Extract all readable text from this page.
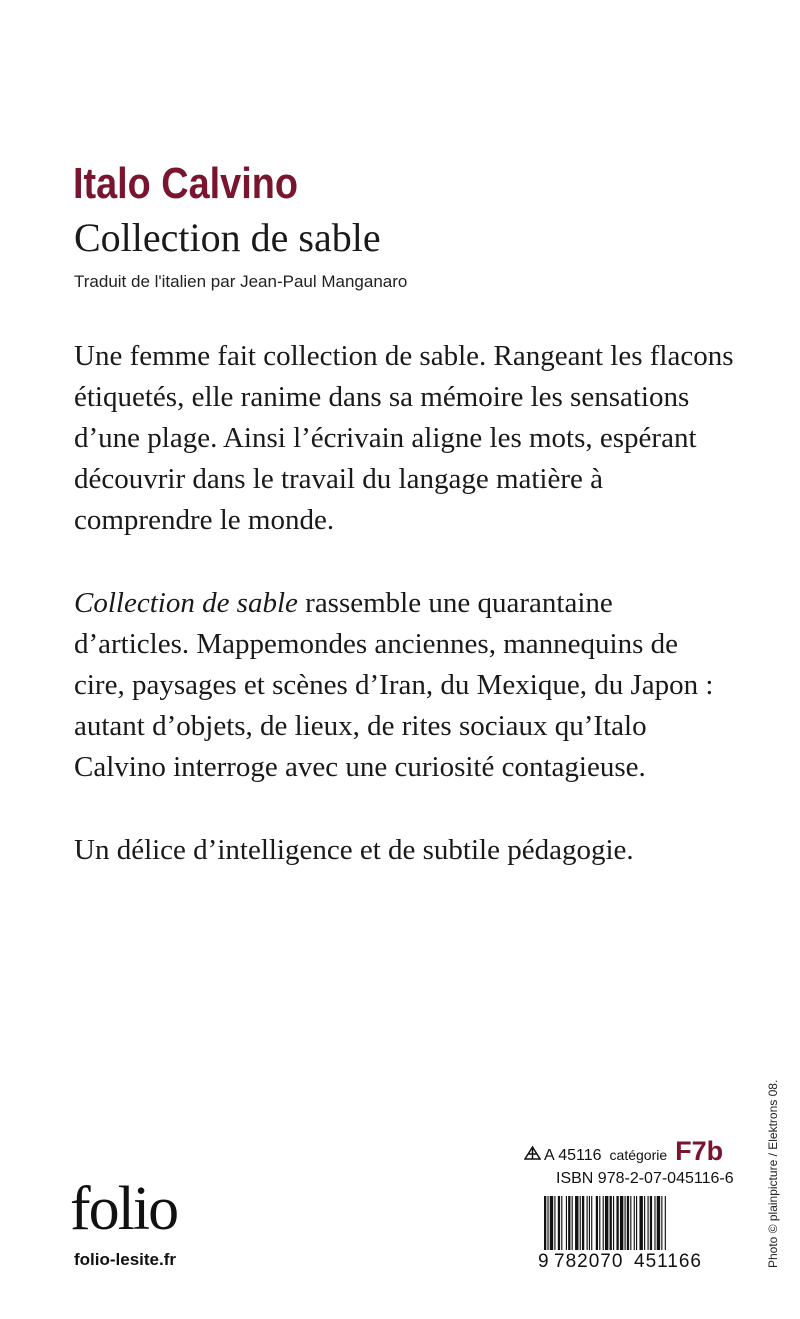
Italo Calvino
Collection de sable
Traduit de l'italien par Jean-Paul Manganaro

Une femme fait collection de sable. Rangeant les flacons étiquetés, elle ranime dans sa mémoire les sensations d’une plage. Ainsi l’écrivain aligne les mots, espérant découvrir dans le travail du langage matière à comprendre le monde.

Collection de sable rassemble une quarantaine d’articles. Mappemondes anciennes, mannequins de cire, paysages et scènes d’Iran, du Mexique, du Japon : autant d’objets, de lieux, de rites sociaux qu’Italo Calvino interroge avec une curiosité contagieuse.

Un délice d’intelligence et de subtile pédagogie.

folio
folio-lesite.fr
A 45116 catégorie F7b
ISBN 978-2-07-045116-6
9 782070 451166	Photo © plainpicture / Elektrons 08.
